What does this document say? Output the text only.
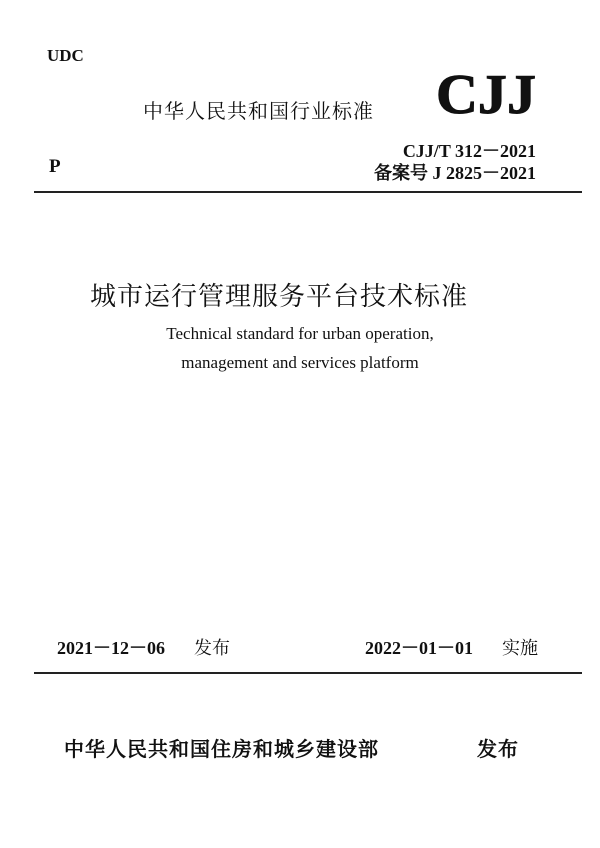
UDC
中华人民共和国行业标准 CJJ
P
CJJ/T 312－2021
备案号 J 2825－2021
城市运行管理服务平台技术标准
Technical standard for urban operation,
management and services platform
2021－12－06 发布	2022－01－01 实施
中华人民共和国住房和城乡建设部	发布
